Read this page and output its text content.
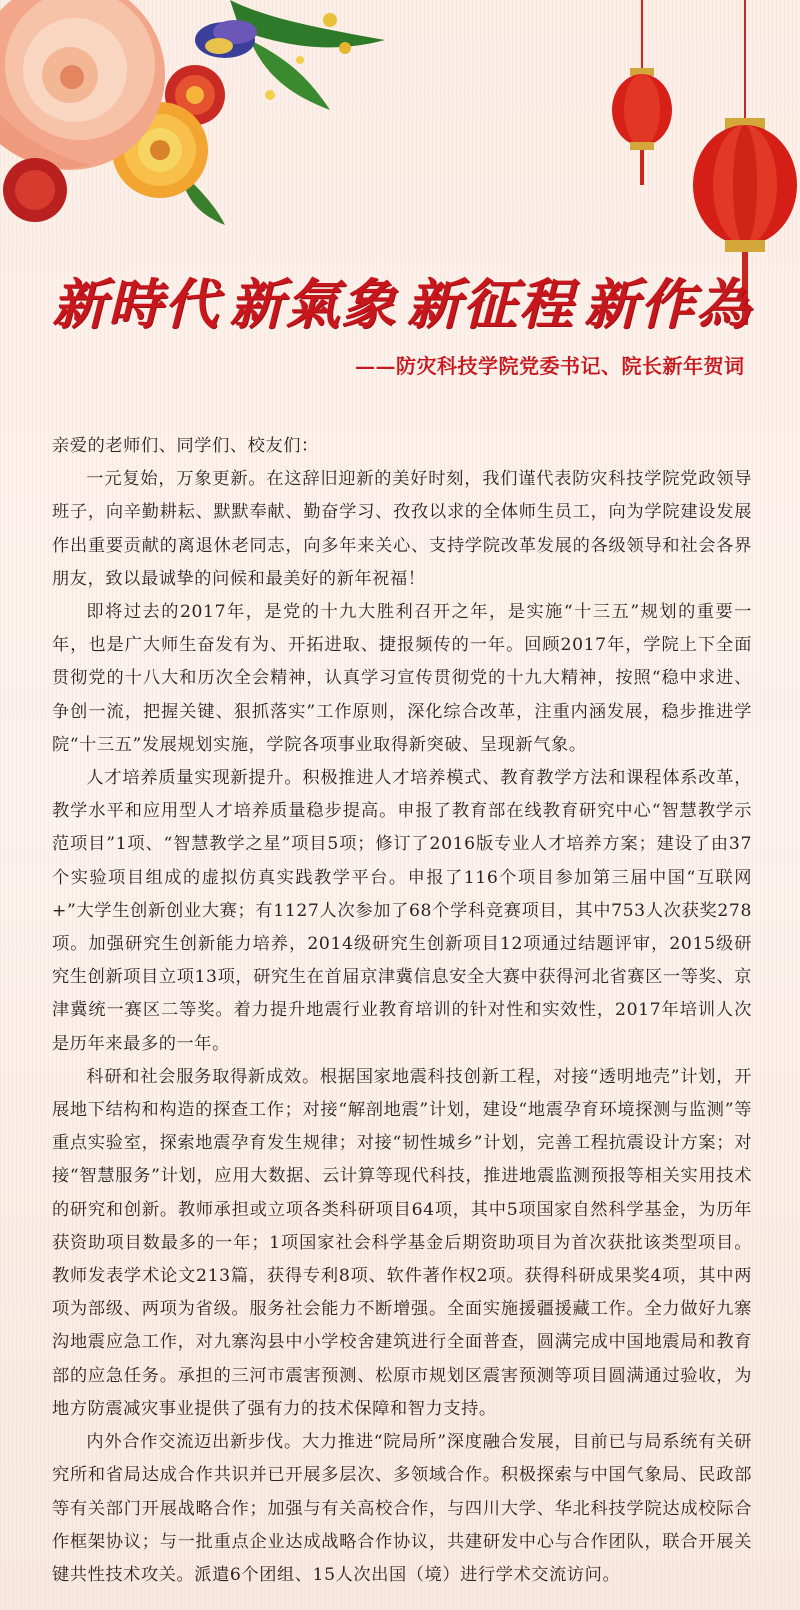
新時代 新氣象 新征程 新作為
——防灾科技学院党委书记、院长新年贺词

亲爱的老师们、同学们、校友们：

一元复始，万象更新。在这辞旧迎新的美好时刻，我们谨代表防灾科技学院党政领导班子，向辛勤耕耘、默默奉献、勤奋学习、孜孜以求的全体师生员工，向为学院建设发展作出重要贡献的离退休老同志，向多年来关心、支持学院改革发展的各级领导和社会各界朋友，致以最诚挚的问候和最美好的新年祝福！

即将过去的2017年，是党的十九大胜利召开之年，是实施“十三五”规划的重要一年，也是广大师生奋发有为、开拓进取、捷报频传的一年。回顾2017年，学院上下全面贯彻党的十八大和历次全会精神，认真学习宣传贯彻党的十九大精神，按照“稳中求进、争创一流，把握关键、狠抓落实”工作原则，深化综合改革，注重内涵发展，稳步推进学院“十三五”发展规划实施，学院各项事业取得新突破、呈现新气象。

人才培养质量实现新提升。积极推进人才培养模式、教育教学方法和课程体系改革，教学水平和应用型人才培养质量稳步提高。申报了教育部在线教育研究中心“智慧教学示范项目”1项、“智慧教学之星”项目5项；修订了2016版专业人才培养方案；建设了由37个实验项目组成的虚拟仿真实践教学平台。申报了116个项目参加第三届中国“互联网+”大学生创新创业大赛；有1127人次参加了68个学科竞赛项目，其中753人次获奖278项。加强研究生创新能力培养，2014级研究生创新项目12项通过结题评审，2015级研究生创新项目立项13项，研究生在首届京津冀信息安全大赛中获得河北省赛区一等奖、京津冀统一赛区二等奖。着力提升地震行业教育培训的针对性和实效性，2017年培训人次是历年来最多的一年。

科研和社会服务取得新成效。根据国家地震科技创新工程，对接“透明地壳”计划，开展地下结构和构造的探查工作；对接“解剖地震”计划，建设“地震孕育环境探测与监测”等重点实验室，探索地震孕育发生规律；对接“韧性城乡”计划，完善工程抗震设计方案；对接“智慧服务”计划，应用大数据、云计算等现代科技，推进地震监测预报等相关实用技术的研究和创新。教师承担或立项各类科研项目64项，其中5项国家自然科学基金，为历年获资助项目数最多的一年；1项国家社会科学基金后期资助项目为首次获批该类型项目。教师发表学术论文213篇，获得专利8项、软件著作权2项。获得科研成果奖4项，其中两项为部级、两项为省级。服务社会能力不断增强。全面实施援疆援藏工作。全力做好九寨沟地震应急工作，对九寨沟县中小学校舍建筑进行全面普查，圆满完成中国地震局和教育部的应急任务。承担的三河市震害预测、松原市规划区震害预测等项目圆满通过验收，为地方防震减灾事业提供了强有力的技术保障和智力支持。

内外合作交流迈出新步伐。大力推进“院局所”深度融合发展，目前已与局系统有关研究所和省局达成合作共识并已开展多层次、多领域合作。积极探索与中国气象局、民政部等有关部门开展战略合作；加强与有关高校合作，与四川大学、华北科技学院达成校际合作框架协议；与一批重点企业达成战略合作协议，共建研发中心与合作团队，联合开展关键共性技术攻关。派遣6个团组、15人次出国（境）进行学术交流访问。
